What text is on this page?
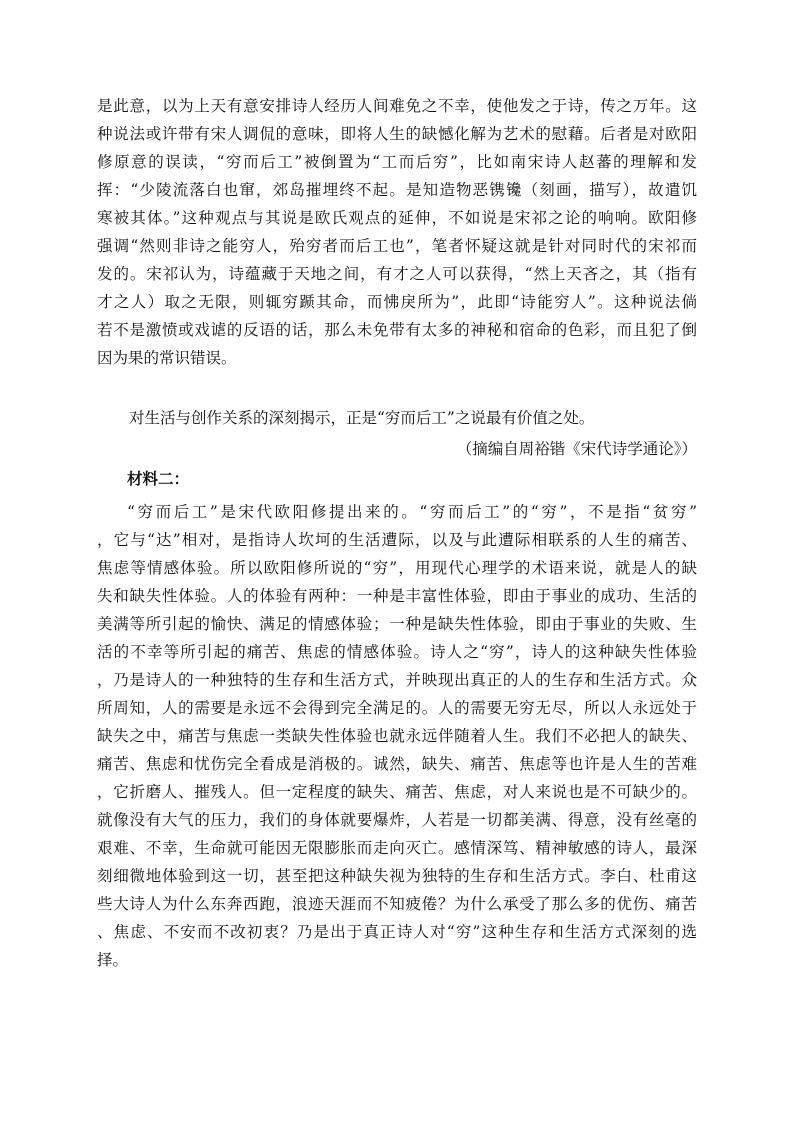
是此意，以为上天有意安排诗人经历人间难免之不幸，使他发之于诗，传之万年。这
种说法或许带有宋人调侃的意味，即将人生的缺憾化解为艺术的慰藉。后者是对欧阳
修原意的误读，“穷而后工”被倒置为“工而后穷”，比如南宋诗人赵蕃的理解和发
挥：“少陵流落白也窜，郊岛摧埋终不起。是知造物恶镌镵（刻画，描写），故遣饥
寒被其体。”这种观点与其说是欧氏观点的延伸，不如说是宋祁之论的响响。欧阳修
强调“然则非诗之能穷人，殆穷者而后工也”，笔者怀疑这就是针对同时代的宋祁而
发的。宋祁认为，诗蕴藏于天地之间，有才之人可以获得，“然上天吝之，其（指有
才之人）取之无限，则辄穷踬其命，而怫戾所为”，此即“诗能穷人”。这种说法倘
若不是激愤或戏谑的反语的话，那么未免带有太多的神秘和宿命的色彩，而且犯了倒
因为果的常识错误。
对生活与创作关系的深刻揭示，正是“穷而后工”之说最有价值之处。
（摘编自周裕锴《宋代诗学通论》）
材料二：
“穷而后工”是宋代欧阳修提出来的。“穷而后工”的“穷”，不是指“贫穷”
，它与“达”相对，是指诗人坎坷的生活遭际，以及与此遭际相联系的人生的痛苦、
焦虑等情感体验。所以欧阳修所说的“穷”，用现代心理学的术语来说，就是人的缺
失和缺失性体验。人的体验有两种：一种是丰富性体验，即由于事业的成功、生活的
美满等所引起的愉快、满足的情感体验；一种是缺失性体验，即由于事业的失败、生
活的不幸等所引起的痛苦、焦虑的情感体验。诗人之“穷”，诗人的这种缺失性体验
，乃是诗人的一种独特的生存和生活方式，并映现出真正的人的生存和生活方式。众
所周知，人的需要是永远不会得到完全满足的。人的需要无穷无尽，所以人永远处于
缺失之中，痛苦与焦虑一类缺失性体验也就永远伴随着人生。我们不必把人的缺失、
痛苦、焦虑和忧伤完全看成是消极的。诚然，缺失、痛苦、焦虑等也许是人生的苦难
，它折磨人、摧残人。但一定程度的缺失、痛苦、焦虑，对人来说也是不可缺少的。
就像没有大气的压力，我们的身体就要爆炸，人若是一切都美满、得意，没有丝毫的
艰难、不幸，生命就可能因无限膨胀而走向灭亡。感情深笃、精神敏感的诗人，最深
刻细微地体验到这一切，甚至把这种缺失视为独特的生存和生活方式。李白、杜甫这
些大诗人为什么东奔西跑，浪迹天涯而不知疲倦？为什么承受了那么多的优伤、痛苦
、焦虑、不安而不改初衷？乃是出于真正诗人对“穷”这种生存和生活方式深刻的选
择。
